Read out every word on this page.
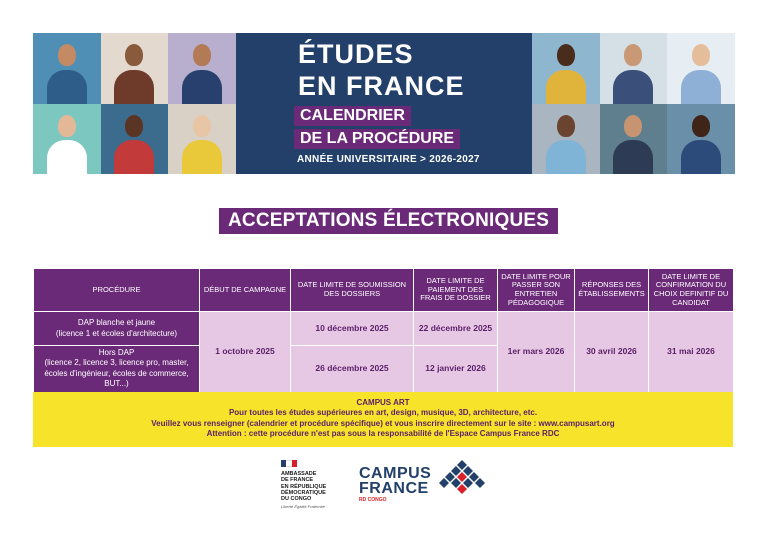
ÉTUDES
EN FRANCE
CALENDRIER
DE LA PROCÉDURE
ANNÉE UNIVERSITAIRE > 2026-2027
ACCEPTATIONS ÉLECTRONIQUES
PROCÉDURE	DÉBUT DE CAMPAGNE	DATE LIMITE DE SOUMISSION DES DOSSIERS	DATE LIMITE DE PAIEMENT DES FRAIS DE DOSSIER	DATE LIMITE POUR PASSER SON ENTRETIEN PÉDAGOGIQUE	RÉPONSES DES ÉTABLISSEMENTS	DATE LIMITE DE CONFIRMATION DU CHOIX DEFINITIF DU CANDIDAT

DAP blanche et jaune
(licence 1 et écoles d'architecture)	1 octobre 2025	10 décembre 2025	22 décembre 2025	1er mars 2026	30 avril 2026	31 mai 2026

Hors DAP
(licence 2, licence 3, licence pro, master, écoles d'ingénieur, écoles de commerce, BUT...)		26 décembre 2025	12 janvier 2026			
CAMPUS ART
Pour toutes les études supérieures en art, design, musique, 3D, architecture, etc.
Veuillez vous renseigner (calendrier et procédure spécifique) et vous inscrire directement sur le site : www.campusart.org
Attention : cette procédure n'est pas sous la responsabilité de l'Espace Campus France RDC
AMBASSADE
DE FRANCE
EN RÉPUBLIQUE
DÉMOCRATIQUE
DU CONGO
Liberté Égalité Fraternité
CAMPUS
FRANCE
RD CONGO
